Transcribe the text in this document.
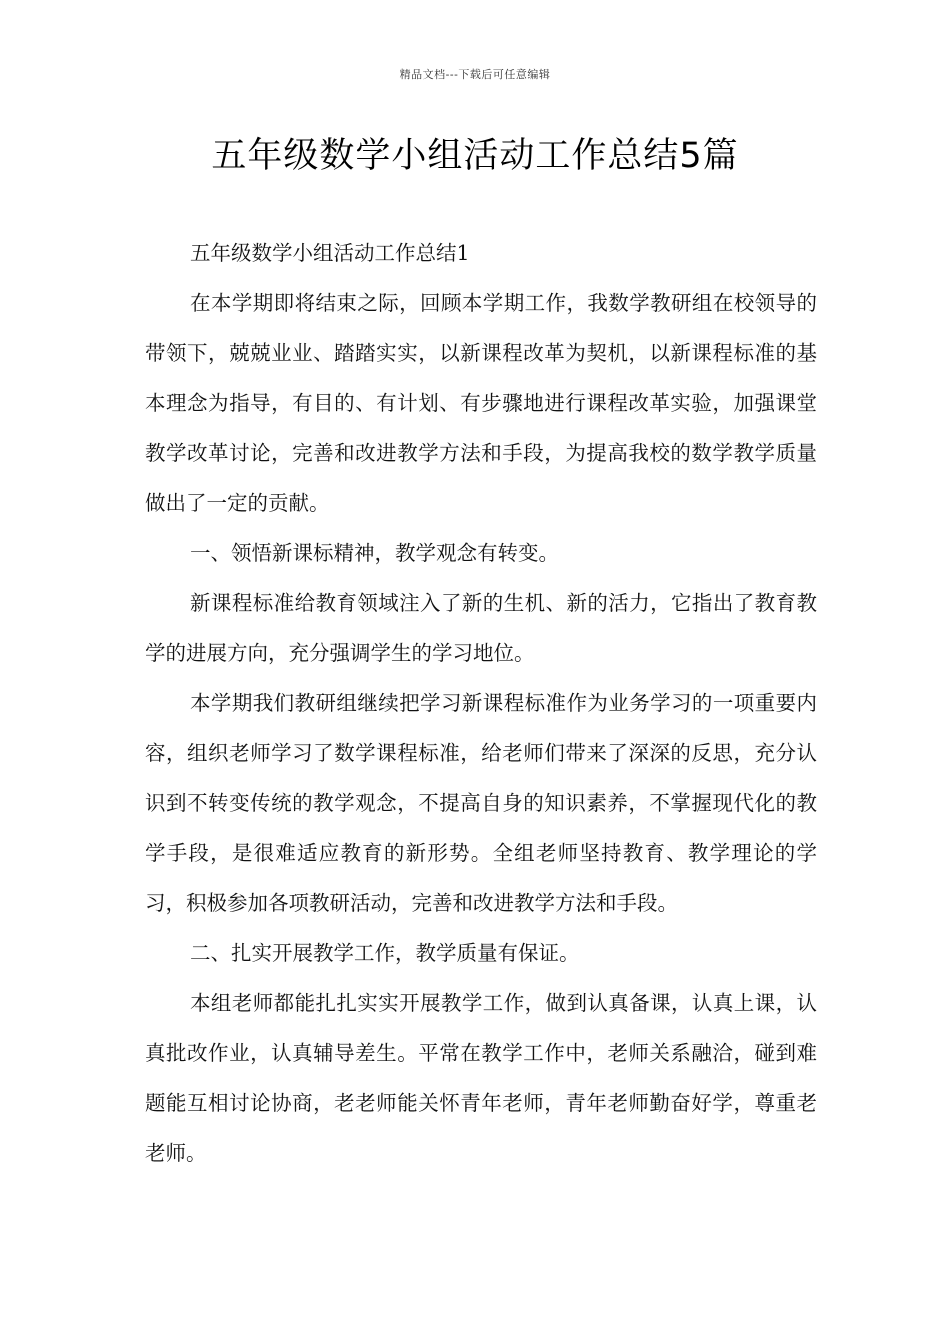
精品文档---下载后可任意编辑
五年级数学小组活动工作总结5篇

五年级数学小组活动工作总结1

在本学期即将结束之际，回顾本学期工作，我数学教研组在校领导的带领下，兢兢业业、踏踏实实，以新课程改革为契机，以新课程标准的基本理念为指导，有目的、有计划、有步骤地进行课程改革实验，加强课堂教学改革讨论，完善和改进教学方法和手段，为提高我校的数学教学质量做出了一定的贡献。

一、领悟新课标精神，教学观念有转变。

新课程标准给教育领域注入了新的生机、新的活力，它指出了教育教学的进展方向，充分强调学生的学习地位。

本学期我们教研组继续把学习新课程标准作为业务学习的一项重要内容，组织老师学习了数学课程标准，给老师们带来了深深的反思，充分认识到不转变传统的教学观念，不提高自身的知识素养，不掌握现代化的教学手段，是很难适应教育的新形势。全组老师坚持教育、教学理论的学习，积极参加各项教研活动，完善和改进教学方法和手段。

二、扎实开展教学工作，教学质量有保证。

本组老师都能扎扎实实开展教学工作，做到认真备课，认真上课，认真批改作业，认真辅导差生。平常在教学工作中，老师关系融洽，碰到难题能互相讨论协商，老老师能关怀青年老师，青年老师勤奋好学，尊重老老师。
